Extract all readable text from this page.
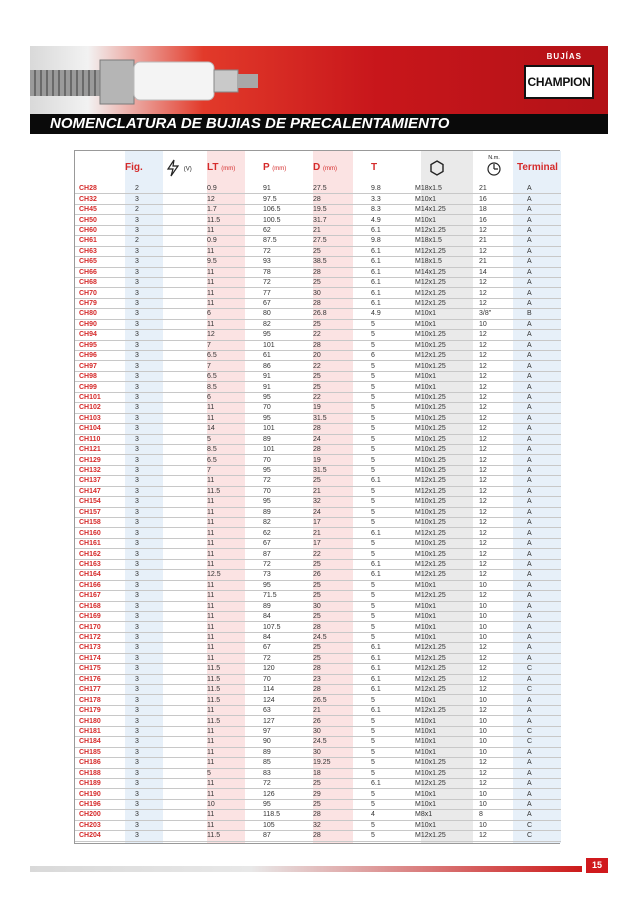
BUJÍAS
CHAMPION
NOMENCLATURA DE BUJIAS DE PRECALENTAMIENTO
	Fig.	(V)	LT (mm)	P (mm)	D (mm)	T		N.m.	Terminal
CH28	2		0.9	91	27.5	9.8	M18x1.5	21	A
CH32	3		12	97.5	28	3.3	M10x1	16	A
CH45	2		1.7	106.5	19.5	8.3	M14x1.25	18	A
CH50	3		11.5	100.5	31.7	4.9	M10x1	16	A
CH60	3		11	62	21	6.1	M12x1.25	12	A
CH61	2		0.9	87.5	27.5	9.8	M18x1.5	21	A
CH63	3		11	72	25	6.1	M12x1.25	12	A
CH65	3		9.5	93	38.5	6.1	M18x1.5	21	A
CH66	3		11	78	28	6.1	M14x1.25	14	A
CH68	3		11	72	25	6.1	M12x1.25	12	A
CH70	3		11	77	30	6.1	M12x1.25	12	A
CH79	3		11	67	28	6.1	M12x1.25	12	A
CH80	3		6	80	26.8	4.9	M10x1	3/8"	B
CH90	3		11	82	25	5	M10x1	10	A
CH94	3		12	95	22	5	M10x1.25	12	A
CH95	3		7	101	28	5	M10x1.25	12	A
CH96	3		6.5	61	20	6	M12x1.25	12	A
CH97	3		7	86	22	5	M10x1.25	12	A
CH98	3		6.5	91	25	5	M10x1	12	A
CH99	3		8.5	91	25	5	M10x1	12	A
CH101	3		6	95	22	5	M10x1.25	12	A
CH102	3		11	70	19	5	M10x1.25	12	A
CH103	3		11	95	31.5	5	M10x1.25	12	A
CH104	3		14	101	28	5	M10x1.25	12	A
CH110	3		5	89	24	5	M10x1.25	12	A
CH121	3		8.5	101	28	5	M10x1.25	12	A
CH129	3		6.5	70	19	5	M10x1.25	12	A
CH132	3		7	95	31.5	5	M10x1.25	12	A
CH137	3		11	72	25	6.1	M12x1.25	12	A
CH147	3		11.5	70	21	5	M12x1.25	12	A
CH154	3		11	95	32	5	M10x1.25	12	A
CH157	3		11	89	24	5	M10x1.25	12	A
CH158	3		11	82	17	5	M10x1.25	12	A
CH160	3		11	62	21	6.1	M12x1.25	12	A
CH161	3		11	67	17	5	M10x1.25	12	A
CH162	3		11	87	22	5	M10x1.25	12	A
CH163	3		11	72	25	6.1	M12x1.25	12	A
CH164	3		12.5	73	26	6.1	M12x1.25	12	A
CH166	3		11	95	25	5	M10x1	10	A
CH167	3		11	71.5	25	5	M12x1.25	12	A
CH168	3		11	89	30	5	M10x1	10	A
CH169	3		11	84	25	5	M10x1	10	A
CH170	3		11	107.5	28	5	M10x1	10	A
CH172	3		11	84	24.5	5	M10x1	10	A
CH173	3		11	67	25	6.1	M12x1.25	12	A
CH174	3		11	72	25	6.1	M12x1.25	12	A
CH175	3		11.5	120	28	6.1	M12x1.25	12	C
CH176	3		11.5	70	23	6.1	M12x1.25	12	A
CH177	3		11.5	114	28	6.1	M12x1.25	12	C
CH178	3		11.5	124	26.5	5	M10x1	10	A
CH179	3		11	63	21	6.1	M12x1.25	12	A
CH180	3		11.5	127	26	5	M10x1	10	A
CH181	3		11	97	30	5	M10x1	10	C
CH184	3		11	90	24.5	5	M10x1	10	C
CH185	3		11	89	30	5	M10x1	10	A
CH186	3		11	85	19.25	5	M10x1.25	12	A
CH188	3		5	83	18	5	M10x1.25	12	A
CH189	3		11	72	25	6.1	M12x1.25	12	A
CH190	3		11	126	29	5	M10x1	10	A
CH196	3		10	95	25	5	M10x1	10	A
CH200	3		11	118.5	28	4	M8x1	8	A
CH203	3		11	105	32	5	M10x1	10	C
CH204	3		11.5	87	28	5	M12x1.25	12	C
15
